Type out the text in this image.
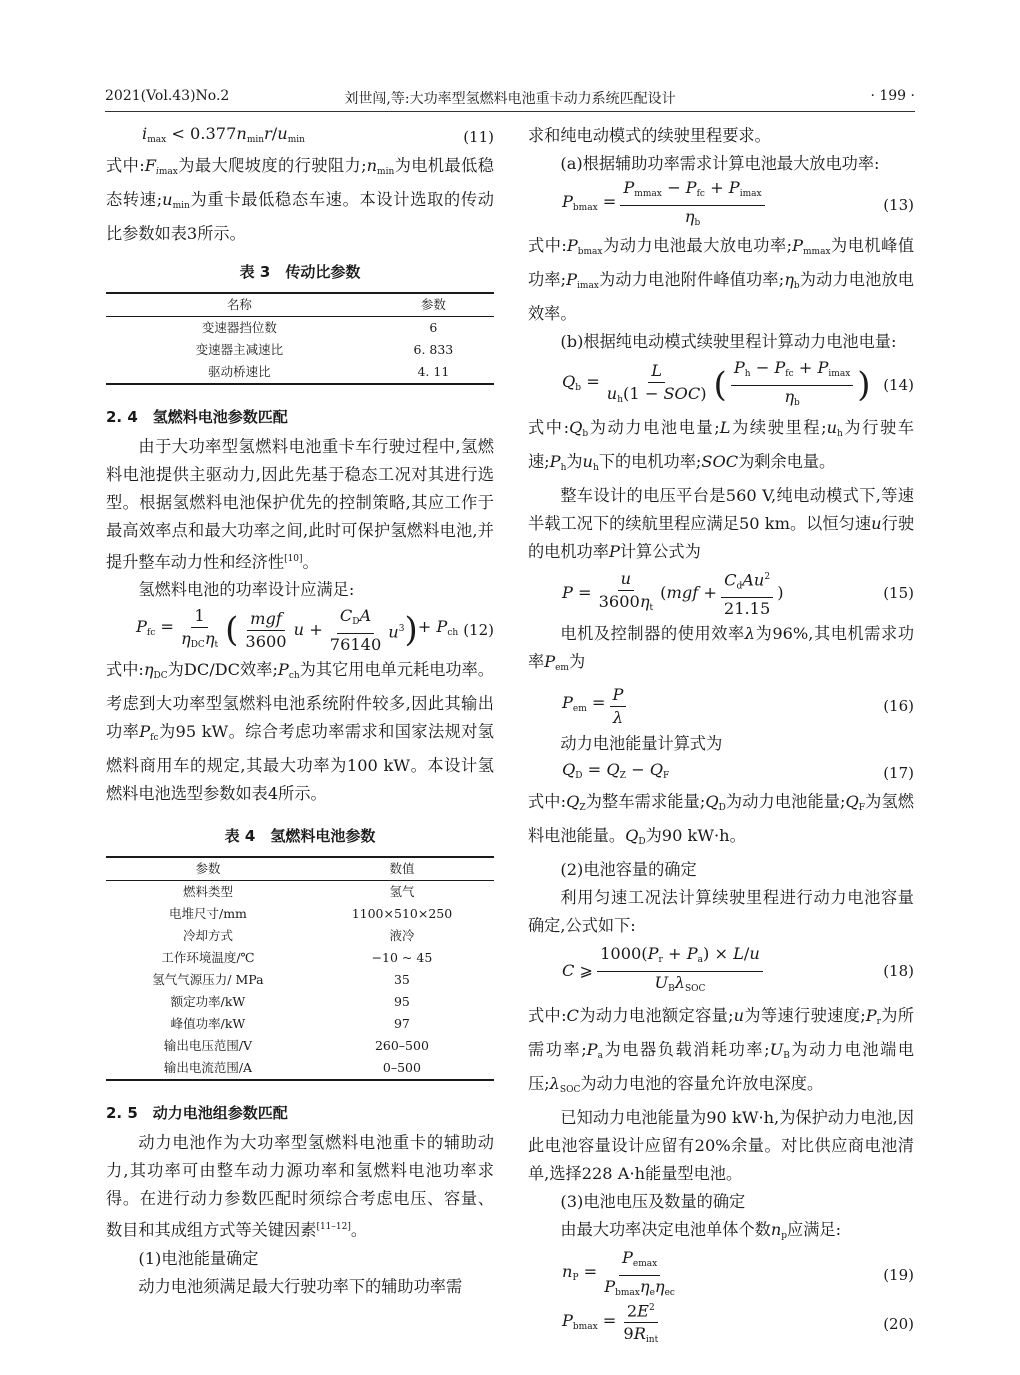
2021(Vol.43)No.2	刘世闯,等:大功率型氢燃料电池重卡动力系统匹配设计	· 199 ·
$i_{max} < 0.377n_{min}r/u_{min}$	(11)

式中$:F_{imax}$为最大爬坡度的行驶阻力$;n_{min}$为电机最低稳态转速$;u_{min}$为重卡最低稳态车速。本设计选取的传动比参数如表3所示。

表 3　传动比参数
名称	参数
变速器挡位数	6
变速器主减速比	6. 833
驱动桥速比	4. 11
2. 4　氢燃料电池参数匹配

由于大功率型氢燃料电池重卡车行驶过程中,氢燃料电池提供主驱动力,因此先基于稳态工况对其进行选型。根据氢燃料电池保护优先的控制策略,其应工作于最高效率点和最大功率之间,此时可保护氢燃料电池,并提升整车动力性和经济性[10]。

氢燃料电池的功率设计应满足:

$P_{fc} = \frac{1}{\eta_{DC}\eta_t}$ ( $\frac{\text{mgf}}{3600}$ $u + \frac{C_DA}{76140} u^3$ ) + $P_{ch}$ (12)

式中$:\eta_{DC}$为DC/DC效率$;P_{ch}$为其它用电单元耗电功率。考虑到大功率型氢燃料电池系统附件较多,因此其输出功率$P_{fc}$为95 kW。综合考虑功率需求和国家法规对氢燃料商用车的规定,其最大功率为100 kW。本设计氢燃料电池选型参数如表4所示。

表 4　氢燃料电池参数
参数	数值
燃料类型	氢气
电堆尺寸/mm	1100×510×250
冷却方式	液冷
工作环境温度/℃	−10 ~ 45
氢气气源压力/ MPa	35
额定功率/kW	95
峰值功率/kW	97
输出电压范围/V	260–500
输出电流范围/A	0–500
2. 5　动力电池组参数匹配

动力电池作为大功率型氢燃料电池重卡的辅助动力,其功率可由整车动力源功率和氢燃料电池功率求得。在进行动力参数匹配时须综合考虑电压、容量、数目和其成组方式等关键因素[11–12]。

(1)电池能量确定

动力电池须满足最大行驶功率下的辅助功率需

求和纯电动模式的续驶里程要求。

(a)根据辅助功率需求计算电池最大放电功率:

$P_{bmax} = \frac{P_{mmax} - P_{fc} + P_{imax}}{\eta_b}$	(13)

式中$:P_{bmax}$为动力电池最大放电功率$;P_{mmax}$为电机峰值功率$;P_{imax}$为动力电池附件峰值功率$;\eta_b$为动力电池放电效率。

(b)根据纯电动模式续驶里程计算动力电池电量:

$Q_b = \frac{L}{u_h(1 - SOC)}$ ( $\frac{P_h - P_{fc} + P_{imax}}{\eta_b}$ ) (14)

式中$:Q_b$为动力电池电量;L为续驶里程$;u_h$为行驶车速$;P_h$为$u_h$下的电机功率;SOC为剩余电量。

整车设计的电压平台是560 V,纯电动模式下,等速半载工况下的续航里程应满足50 km。以恒匀速u行驶的电机功率P计算公式为

$P = \frac{u}{3600\eta_t} (mgf + \frac{C_dAu^2}{21.15}$ )	(15)

电机及控制器的使用效率λ为96%,其电机需求功率$P_{em}$为

$P_{em} = \frac{P}{\lambda}$	(16)

动力电池能量计算式为

$Q_D = Q_Z - Q_F$	(17)

式中$:Q_Z$为整车需求能量$;Q_D$为动力电池能量$;Q_F$为氢燃料电池能量。$Q_D$为90 kW·h。

(2)电池容量的确定

利用匀速工况法计算续驶里程进行动力电池容量确定,公式如下:

C ⩾ $\frac{1000(P_r + P_a) \times L/u}{U_B\lambda_{SOC}}$	(18)

式中:C为动力电池额定容量;u为等速行驶速度$;P_r$为所需功率$;P_a$为电器负载消耗功率$;U_B$为动力电池端电压$;\lambda_{SOC}$为动力电池的容量允许放电深度。

已知动力电池能量为90 kW·h,为保护动力电池,因此电池容量设计应留有20%余量。对比供应商电池清单,选择228 A·h能量型电池。

(3)电池电压及数量的确定

由最大功率决定电池单体个数$n_p$应满足:

$n_P = \frac{P_{emax}}{P_{bmax}\eta_e\eta_{ec}}$	(19)
$P_{bmax} = \frac{2E^2}{9R_{int}}$	(20)
